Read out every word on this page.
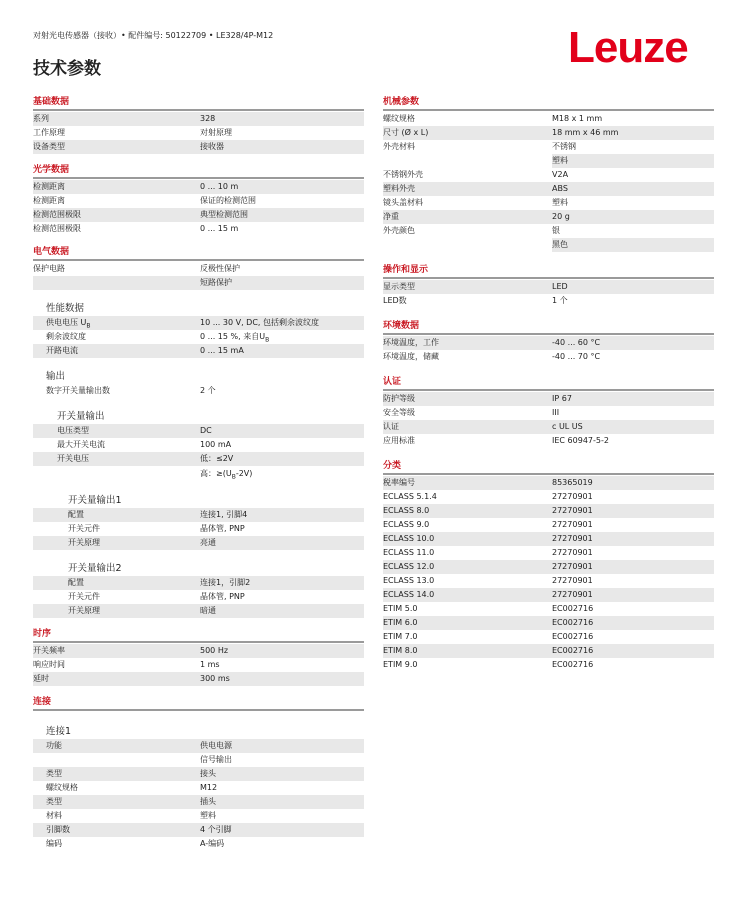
对射光电传感器（接收）• 配件编号: 50122709 • LE328/4P-M12
技术参数	Leuze
基础数据
系列	328
工作原理	对射原理
设备类型	接收器
光学数据
检测距离	0 ... 10 m
检测距离	保证的检测范围
检测范围极限	典型检测范围
检测范围极限	0 ... 15 m
电气数据
保护电路	反极性保护
短路保护
性能数据
供电电压 $U_B$	10 ... 30 V, DC, 包括剩余波纹度
剩余波纹度	0 ... 15 %, 来自$U_B$
开路电流	0 ... 15 mA
输出
数字开关量输出数	2 个
开关量输出
电压类型	DC
最大开关电流	100 mA
开关电压	低：≤2V
高：$\ge(U_B-2V)$
开关量输出1
配置	连接1, 引脚4
开关元件	晶体管, PNP
开关原理	亮通
开关量输出2
配置	连接1，引脚2
开关元件	晶体管, PNP
开关原理	暗通
时序
开关频率	500 Hz
响应时间	1 ms
延时	300 ms
连接
连接1
功能	供电电源
信号输出
类型	接头
螺纹规格	M12
类型	插头
材料	塑料
引脚数	4 个引脚
编码	A-编码
机械参数
螺纹规格	M18 x 1 mm
尺寸 (Ø x L)	18 mm x 46 mm
外壳材料	不锈钢
塑料
不锈钢外壳	V2A
塑料外壳	ABS
镜头盖材料	塑料
净重	20 g
外壳颜色	银
黑色
操作和显示
显示类型	LED
LED数	1 个
环境数据
环境温度，工作	-40 ... 60 °C
环境温度，储藏	-40 ... 70 °C
认证
防护等级	IP 67
安全等级	III
认证	c UL US
应用标准	IEC 60947-5-2
分类
税率编号	85365019
ECLASS 5.1.4	27270901
ECLASS 8.0	27270901
ECLASS 9.0	27270901
ECLASS 10.0	27270901
ECLASS 11.0	27270901
ECLASS 12.0	27270901
ECLASS 13.0	27270901
ECLASS 14.0	27270901
ETIM 5.0	EC002716
ETIM 6.0	EC002716
ETIM 7.0	EC002716
ETIM 8.0	EC002716
ETIM 9.0	EC002716
